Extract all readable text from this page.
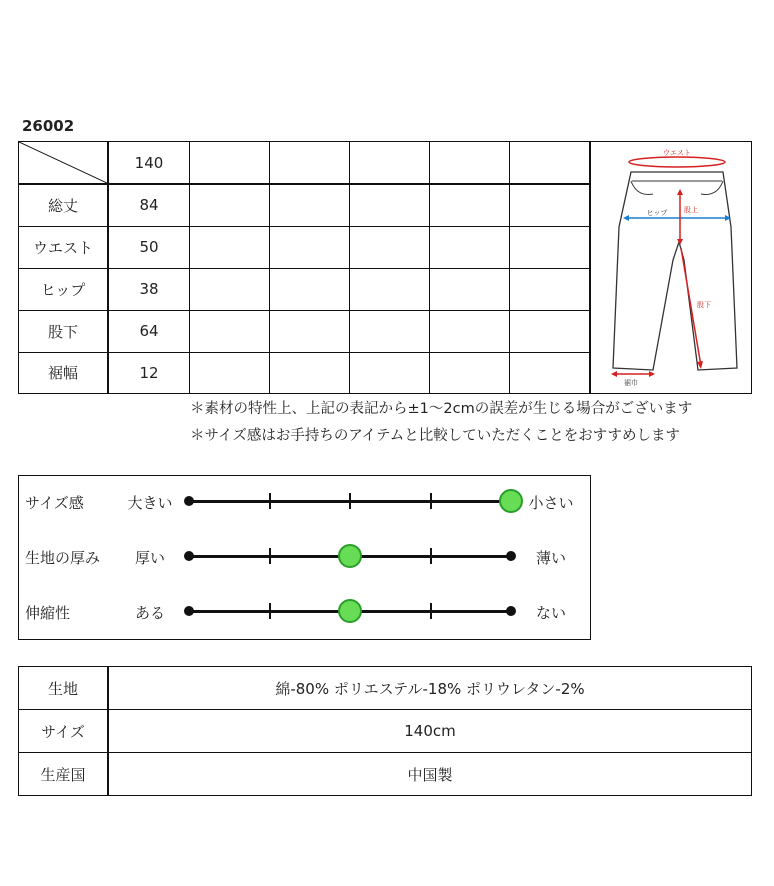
26002
	140					
総丈	84					
ウエスト	50					
ヒップ	38					
股下	64					
裾幅	12					
ウエスト
ヒップ 股上
股下
裾巾
＊素材の特性上、上記の表記から±1〜2cmの誤差が生じる場合がございます
＊サイズ感はお手持ちのアイテムと比較していただくことをおすすめします
サイズ感	大きい	小さい
生地の厚み	厚い	薄い
伸縮性	ある	ない
生地	綿-80% ポリエステル-18% ポリウレタン-2%
サイズ	140cm
生産国	中国製
